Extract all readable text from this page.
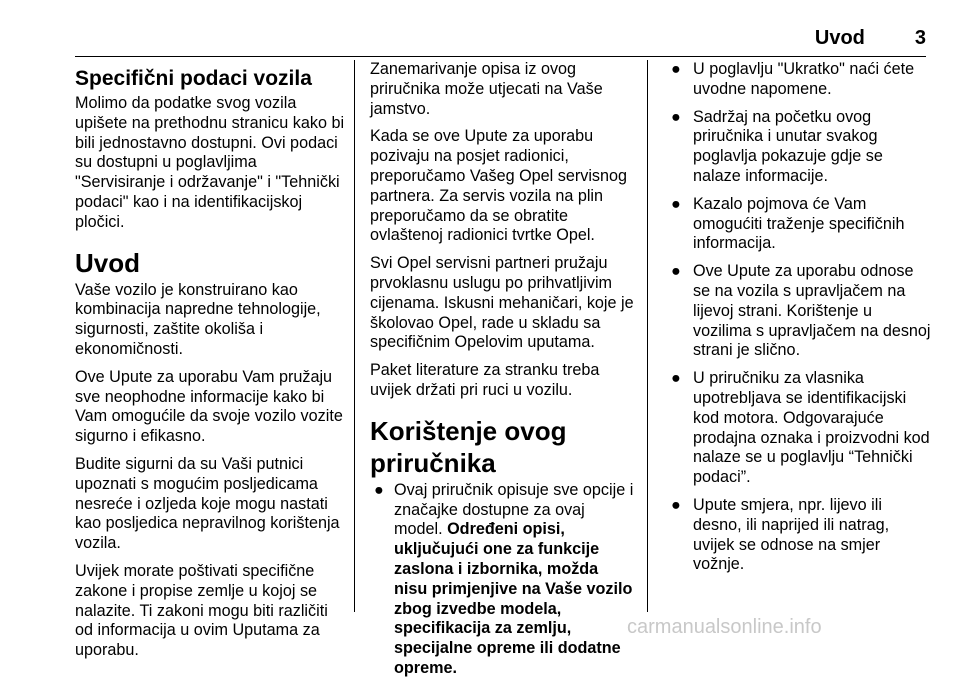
Uvod	3
Specifični podaci vozila

Molimo da podatke svog vozila upišete na prethodnu stranicu kako bi bili jednostavno dostupni. Ovi podaci su dostupni u poglavljima "Servisiranje i održavanje" i "Tehnički podaci" kao i na identifikacijskoj pločici.

Uvod

Vaše vozilo je konstruirano kao kombinacija napredne tehnologije, sigurnosti, zaštite okoliša i ekonomičnosti.

Ove Upute za uporabu Vam pružaju sve neophodne informacije kako bi Vam omogućile da svoje vozilo vozite sigurno i efikasno.

Budite sigurni da su Vaši putnici upoznati s mogućim posljedicama nesreće i ozljeda koje mogu nastati kao posljedica nepravilnog korištenja vozila.

Uvijek morate poštivati specifične zakone i propise zemlje u kojoj se nalazite. Ti zakoni mogu biti različiti od informacija u ovim Uputama za uporabu.

Zanemarivanje opisa iz ovog priručnika može utjecati na Vaše jamstvo.

Kada se ove Upute za uporabu pozivaju na posjet radionici, preporučamo Vašeg Opel servisnog partnera. Za servis vozila na plin preporučamo da se obratite ovlaštenoj radionici tvrtke Opel.

Svi Opel servisni partneri pružaju prvoklasnu uslugu po prihvatljivim cijenama. Iskusni mehaničari, koje je školovao Opel, rade u skladu sa specifičnim Opelovim uputama.

Paket literature za stranku treba uvijek držati pri ruci u vozilu.

Korištenje ovog priručnika
● Ovaj priručnik opisuje sve opcije i značajke dostupne za ovaj model. Određeni opisi, uključujući one za funkcije zaslona i izbornika, možda nisu primjenjive na Vaše vozilo zbog izvedbe modela, specifikacija za zemlju, specijalne opreme ili dodatne opreme.
● U poglavlju "Ukratko" naći ćete uvodne napomene.
● Sadržaj na početku ovog priručnika i unutar svakog poglavlja pokazuje gdje se nalaze informacije.
● Kazalo pojmova će Vam omogućiti traženje specifičnih informacija.
● Ove Upute za uporabu odnose se na vozila s upravljačem na lijevoj strani. Korištenje u vozilima s upravljačem na desnoj strani je slično.
● U priručniku za vlasnika upotrebljava se identifikacijski kod motora. Odgovarajuće prodajna oznaka i proizvodni kod nalaze se u poglavlju “Tehnički podaci”.
● Upute smjera, npr. lijevo ili desno, ili naprijed ili natrag, uvijek se odnose na smjer vožnje.
carmanualsonline.info
